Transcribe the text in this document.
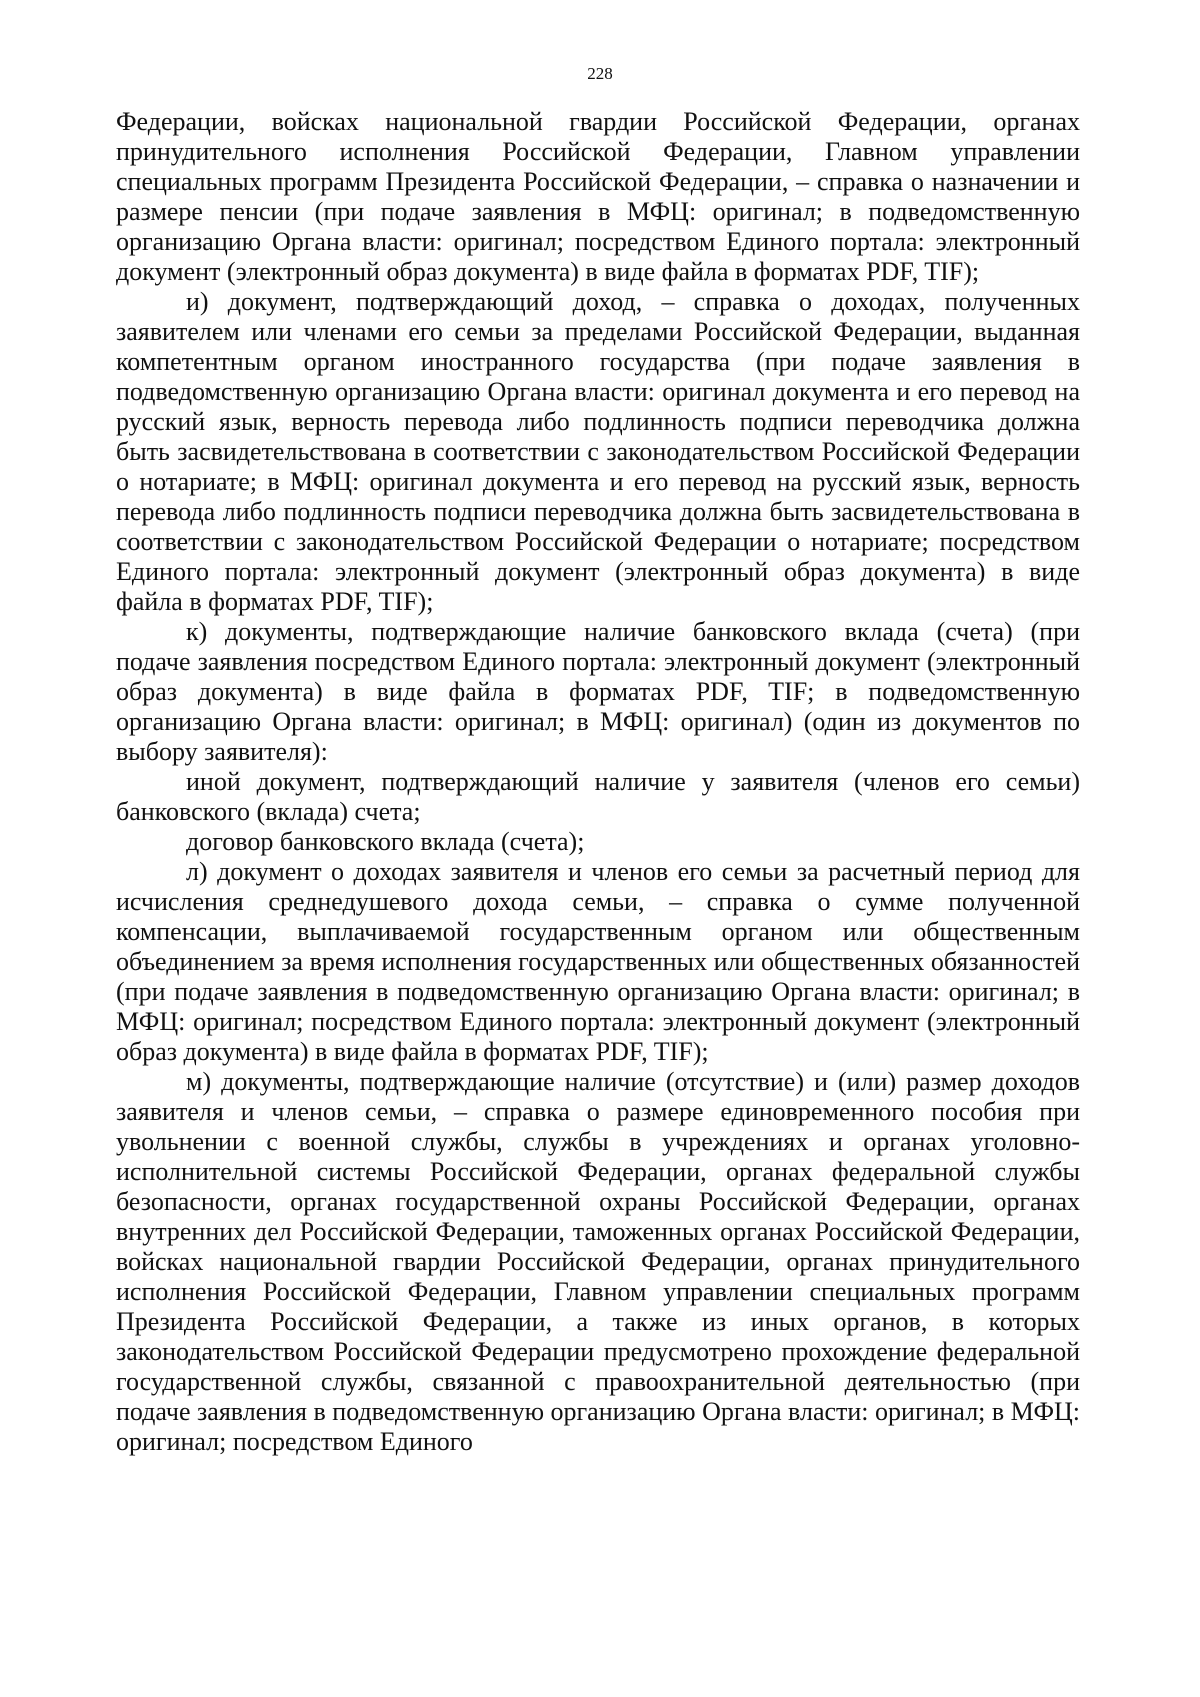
228

Федерации, войсках национальной гвардии Российской Федерации, органах принудительного исполнения Российской Федерации, Главном управлении специальных программ Президента Российской Федерации, – справка о назначении и размере пенсии (при подаче заявления в МФЦ: оригинал; в подведомственную организацию Органа власти: оригинал; посредством Единого портала: электронный документ (электронный образ документа) в виде файла в форматах PDF, TIF);

и) документ, подтверждающий доход, – справка о доходах, полученных заявителем или членами его семьи за пределами Российской Федерации, выданная компетентным органом иностранного государства (при подаче заявления в подведомственную организацию Органа власти: оригинал документа и его перевод на русский язык, верность перевода либо подлинность подписи переводчика должна быть засвидетельствована в соответствии с законодательством Российской Федерации о нотариате; в МФЦ: оригинал документа и его перевод на русский язык, верность перевода либо подлинность подписи переводчика должна быть засвидетельствована в соответствии с законодательством Российской Федерации о нотариате; посредством Единого портала: электронный документ (электронный образ документа) в виде файла в форматах PDF, TIF);

к) документы, подтверждающие наличие банковского вклада (счета) (при подаче заявления посредством Единого портала: электронный документ (электронный образ документа) в виде файла в форматах PDF, TIF; в подведомственную организацию Органа власти: оригинал; в МФЦ: оригинал) (один из документов по выбору заявителя):

иной документ, подтверждающий наличие у заявителя (членов его семьи) банковского (вклада) счета;

договор банковского вклада (счета);

л) документ о доходах заявителя и членов его семьи за расчетный период для исчисления среднедушевого дохода семьи, – справка о сумме полученной компенсации, выплачиваемой государственным органом или общественным объединением за время исполнения государственных или общественных обязанностей (при подаче заявления в подведомственную организацию Органа власти: оригинал; в МФЦ: оригинал; посредством Единого портала: электронный документ (электронный образ документа) в виде файла в форматах PDF, TIF);

м) документы, подтверждающие наличие (отсутствие) и (или) размер доходов заявителя и членов семьи, – справка о размере единовременного пособия при увольнении с военной службы, службы в учреждениях и органах уголовно-исполнительной системы Российской Федерации, органах федеральной службы безопасности, органах государственной охраны Российской Федерации, органах внутренних дел Российской Федерации, таможенных органах Российской Федерации, войсках национальной гвардии Российской Федерации, органах принудительного исполнения Российской Федерации, Главном управлении специальных программ Президента Российской Федерации, а также из иных органов, в которых законодательством Российской Федерации предусмотрено прохождение федеральной государственной службы, связанной с правоохранительной деятельностью (при подаче заявления в подведомственную организацию Органа власти: оригинал; в МФЦ: оригинал; посредством Единого
